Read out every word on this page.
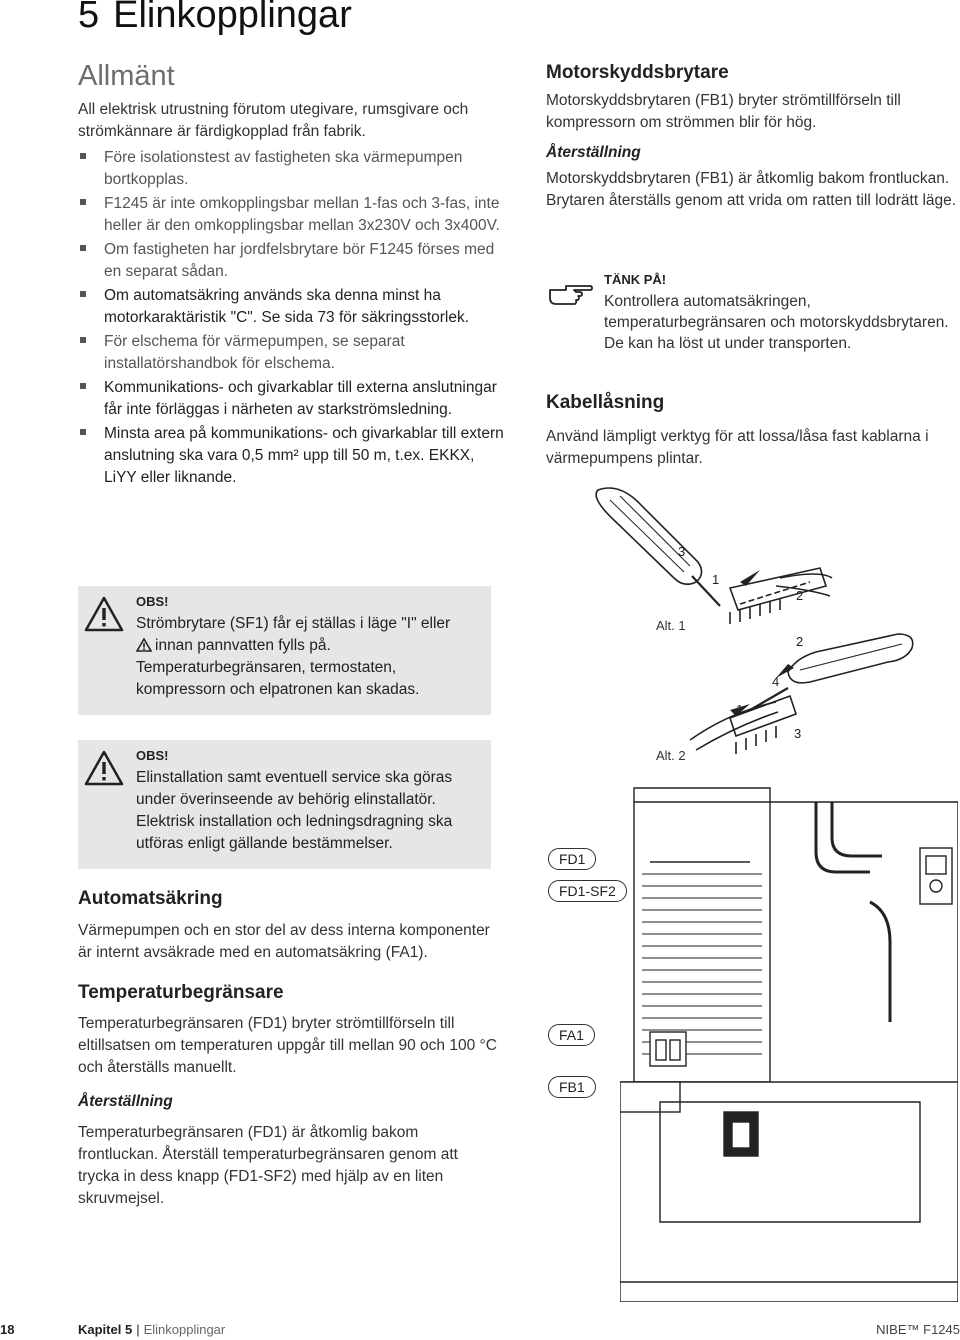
5 Elinkopplingar
Allmänt

All elektrisk utrustning förutom utegivare, rumsgivare och strömkännare är färdigkopplad från fabrik.

Före isolationstest av fastigheten ska värmepumpen bortkopplas.
F1245 är inte omkopplingsbar mellan 1-fas och 3-fas, inte heller är den omkopplingsbar mellan 3x230V och 3x400V.
Om fastigheten har jordfelsbrytare bör F1245 förses med en separat sådan.
Om automatsäkring används ska denna minst ha motorkaraktäristik "C". Se sida 73 för säkringsstorlek.
För elschema för värmepumpen, se separat installatörshandbok för elschema.
Kommunikations- och givarkablar till externa anslutningar får inte förläggas i närheten av starkströmsledning.
Minsta area på kommunikations- och givarkablar till extern anslutning ska vara 0,5 mm² upp till 50 m, t.ex. EKKX, LiYY eller liknande.
OBS!
Strömbrytare (SF1) får ej ställas i läge "I" eller
innan pannvatten fylls på. Temperaturbegränsaren, termostaten, kompressorn och elpatronen kan skadas.
OBS!
Elinstallation samt eventuell service ska göras under överinseende av behörig elinstallatör. Elektrisk installation och ledningsdragning ska utföras enligt gällande bestämmelser.
Automatsäkring

Värmepumpen och en stor del av dess interna komponenter är internt avsäkrade med en automatsäkring (FA1).

Temperaturbegränsare

Temperaturbegränsaren (FD1) bryter strömtillförseln till eltillsatsen om temperaturen uppgår till mellan 90 och 100 °C och återställs manuellt.

Återställning

Temperaturbegränsaren (FD1) är åtkomlig bakom frontluckan. Återställ temperaturbegränsaren genom att trycka in dess knapp (FD1-SF2) med hjälp av en liten skruvmejsel.

Motorskyddsbrytare

Motorskyddsbrytaren (FB1) bryter strömtillförseln till kompressorn om strömmen blir för hög.

Återställning

Motorskyddsbrytaren (FB1) är åtkomlig bakom frontluckan. Brytaren återställs genom att vrida om ratten till lodrätt läge.

TÄNK PÅ!
Kontrollera automatsäkringen, temperaturbegränsaren och motorskyddsbrytaren. De kan ha löst ut under transporten.
Kabellåsning

Använd lämpligt verktyg för att lossa/låsa fast kablarna i värmepumpens plintar.

3
1
2
2
4
1
3
Alt. 1
Alt. 2
FD1
FD1-SF2
FA1
FB1
18	Kapitel 5 | Elinkopplingar	NIBE™ F1245
